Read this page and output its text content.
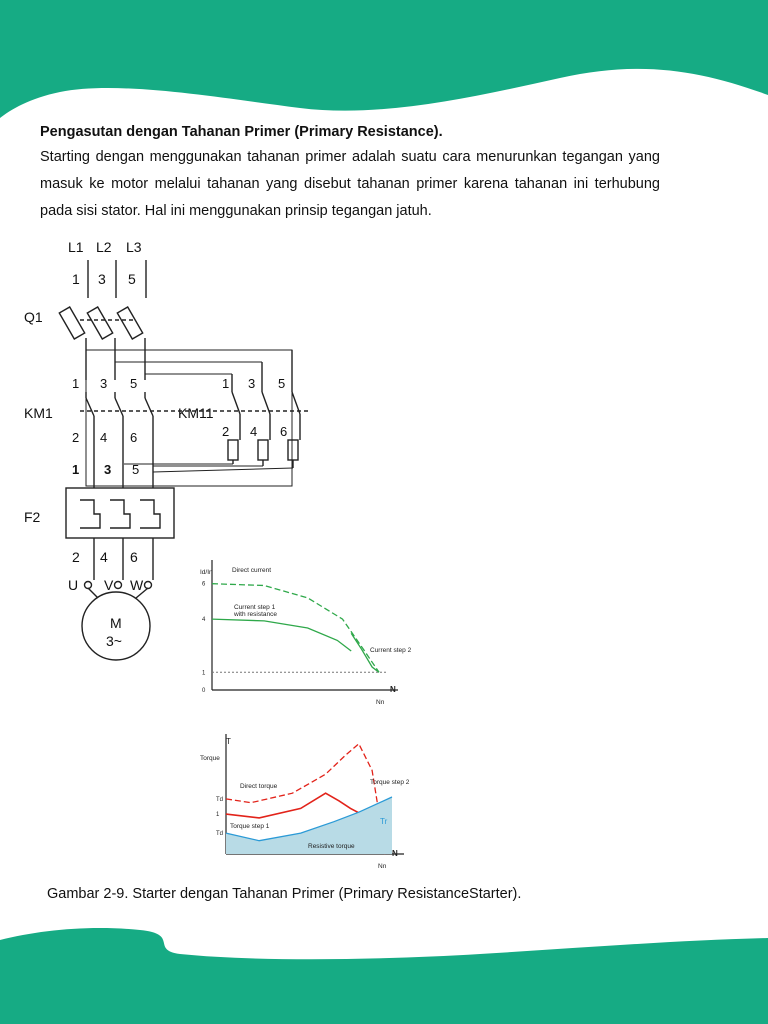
Pengasutan dengan Tahanan Primer (Primary Resistance).
Starting dengan menggunakan tahanan primer adalah suatu cara menurunkan tegangan yang masuk ke motor melalui tahanan yang disebut tahanan primer karena tahanan ini terhubung pada sisi stator. Hal ini menggunakan prinsip tegangan jatuh.
L1 L2 L3
1 3 5
Q1
KM1	KM11
F2
1 3 5
2 4 6
1 3 5
2 4 6
1 3 5
2 4 6
U V W
M
3~
6
4
1
0
Id/In
N
Nn
Direct current
Current step 1
with resistance
Current step 2
Td
1
Td
T
Torque
N
Nn
Direct torque
Torque step 2
Torque step 1
Tr
Resistive torque
Gambar 2-9. Starter dengan Tahanan Primer (Primary ResistanceStarter).
